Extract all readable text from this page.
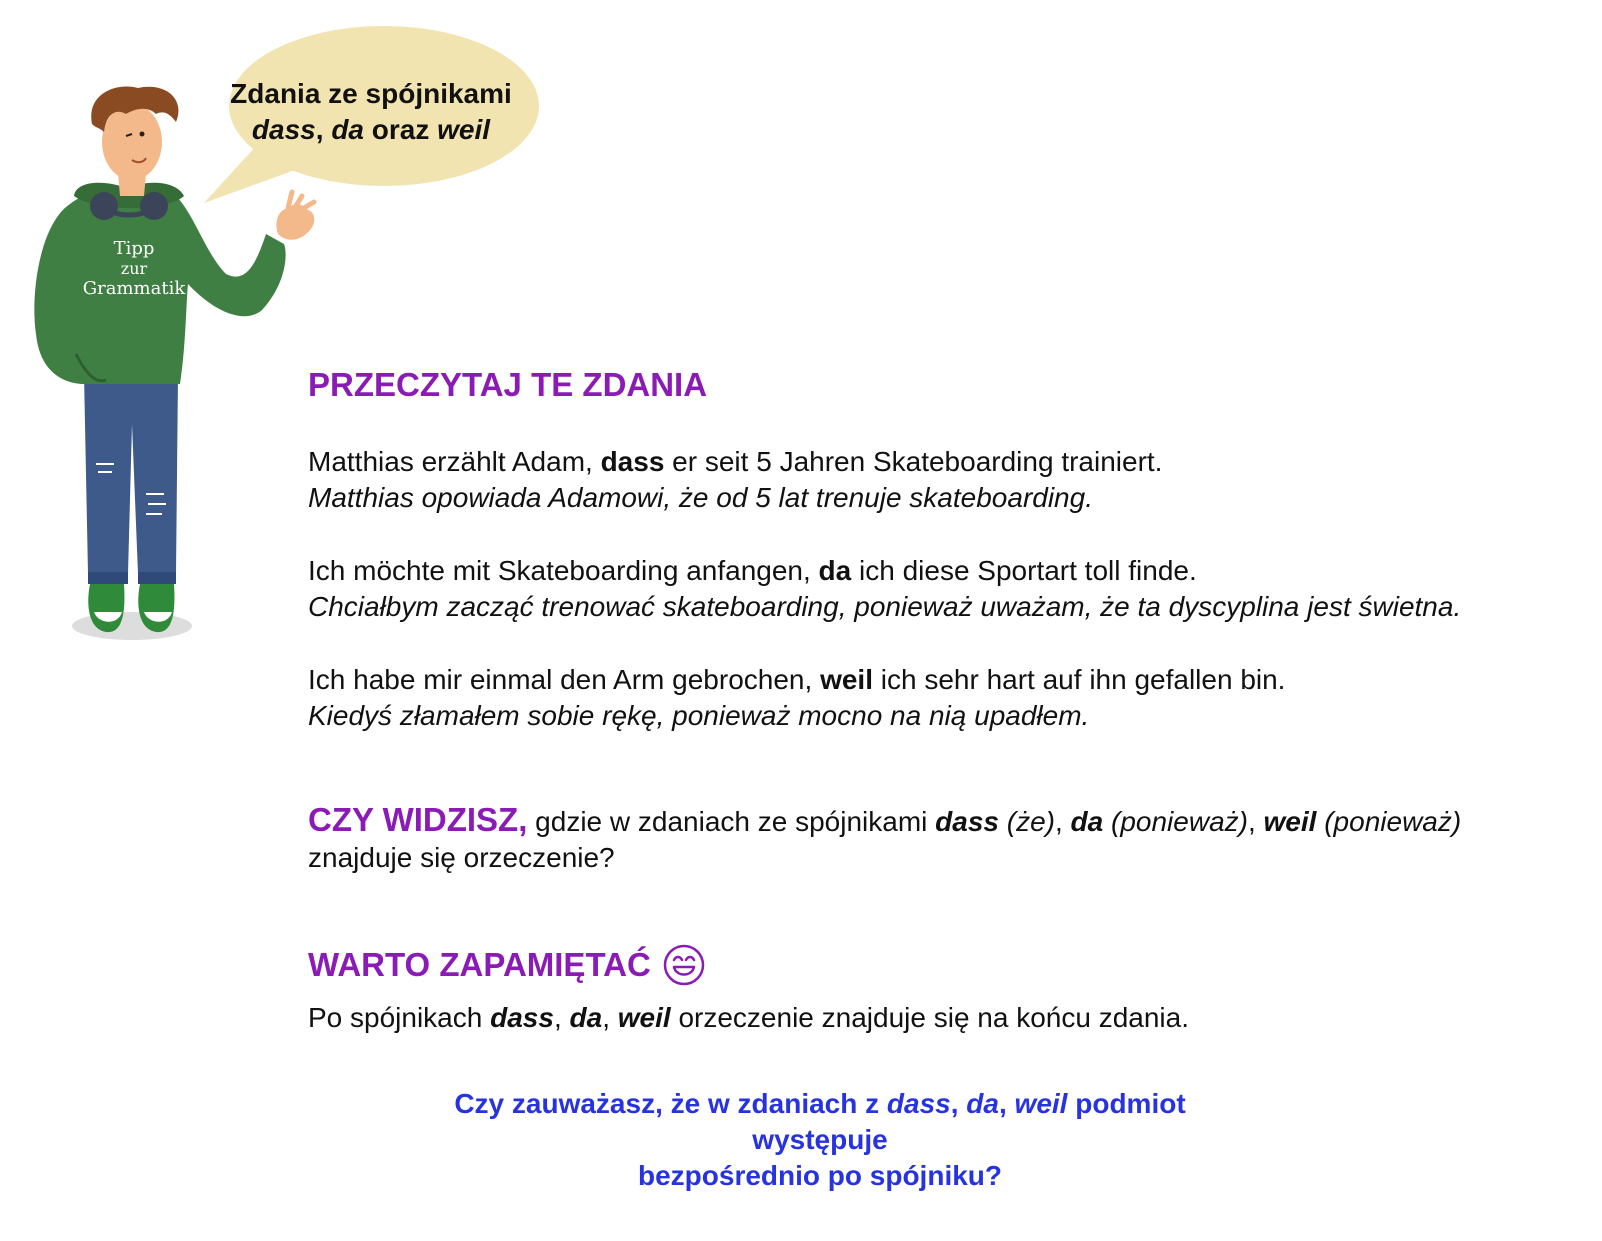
Zdania ze spójnikami
dass, da oraz weil
Tipp
zur
Grammatik
PRZECZYTAJ TE ZDANIA
Matthias erzählt Adam, dass er seit 5 Jahren Skateboarding trainiert.
Matthias opowiada Adamowi, że od 5 lat trenuje skateboarding.
Ich möchte mit Skateboarding anfangen, da ich diese Sportart toll finde.
Chciałbym zacząć trenować skateboarding, ponieważ uważam, że ta dyscyplina jest świetna.
Ich habe mir einmal den Arm gebrochen, weil ich sehr hart auf ihn gefallen bin.
Kiedyś złamałem sobie rękę, ponieważ mocno na nią upadłem.
CZY WIDZISZ, gdzie w zdaniach ze spójnikami dass (że), da (ponieważ), weil (ponieważ) znajduje się orzeczenie?
WARTO ZAPAMIĘTAĆ
Po spójnikach dass, da, weil orzeczenie znajduje się na końcu zdania.
Czy zauważasz, że w zdaniach z dass, da, weil podmiot występuje
bezpośrednio po spójniku?
